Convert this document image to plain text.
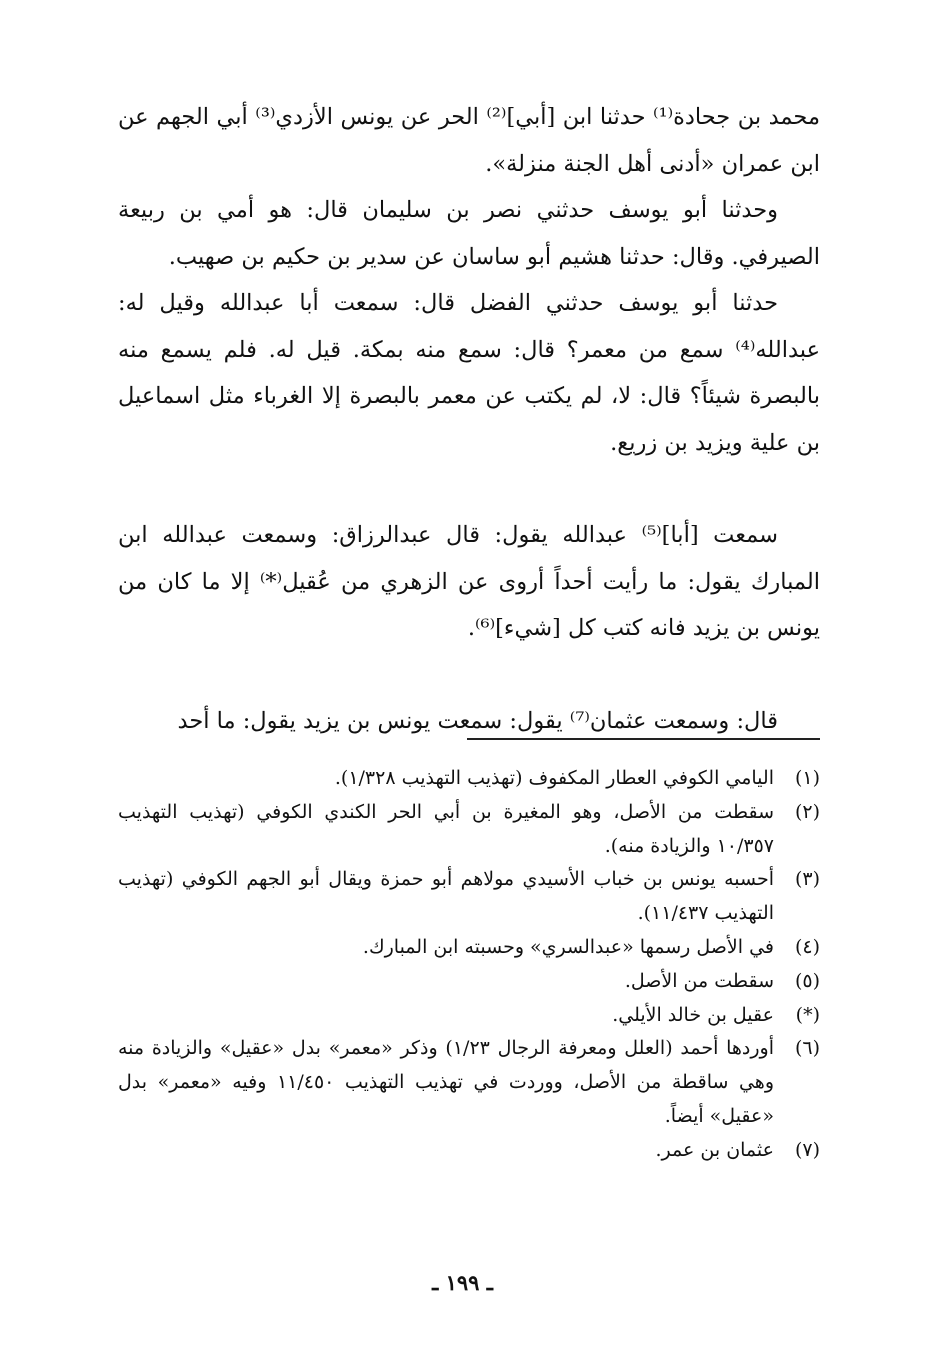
محمد بن جحادة⁽¹⁾ حدثنا ابن [أبي]⁽²⁾ الحر عن يونس الأزدي⁽³⁾ أبي الجهم عن ابن عمران «أدنى أهل الجنة منزلة».

وحدثنا أبو يوسف حدثني نصر بن سليمان قال: هو أمي بن ربيعة الصيرفي. وقال: حدثنا هشيم أبو ساسان عن سدير بن حكيم بن صهيب.

حدثنا أبو يوسف حدثني الفضل قال: سمعت أبا عبدالله وقيل له: عبدالله⁽⁴⁾ سمع من معمر؟ قال: سمع منه بمكة. قيل له. فلم يسمع منه بالبصرة شيئاً؟ قال: لا، لم يكتب عن معمر بالبصرة إلا الغرباء مثل اسماعيل بن علية ويزيد بن زريع.

سمعت [أبا]⁽⁵⁾ عبدالله يقول: قال عبدالرزاق: وسمعت عبدالله ابن المبارك يقول: ما رأيت أحداً أروى عن الزهري من عُقيل⁽*⁾ إلا ما كان من يونس بن يزيد فانه كتب كل [شيء]⁽⁶⁾.

قال: وسمعت عثمان⁽⁷⁾ يقول: سمعت يونس بن يزيد يقول: ما أحد

(١)
اليامي الكوفي العطار المكفوف (تهذيب التهذيب ١/٣٢٨).
(٢)
سقطت من الأصل، وهو المغيرة بن أبي الحر الكندي الكوفي (تهذيب التهذيب ١٠/٣٥٧ والزيادة منه).
(٣)
أحسبه يونس بن خباب الأسيدي مولاهم أبو حمزة ويقال أبو الجهم الكوفي (تهذيب التهذيب ١١/٤٣٧).
(٤)
في الأصل رسمها «عبدالسري» وحسبته ابن المبارك.
(٥)
سقطت من الأصل.
(*)
عقيل بن خالد الأيلي.
(٦)
أوردها أحمد (العلل ومعرفة الرجال ١/٢٣) وذكر «معمر» بدل «عقيل» والزيادة منه وهي ساقطة من الأصل، ووردت في تهذيب التهذيب ١١/٤٥٠ وفيه «معمر» بدل «عقيل» أيضاً.
(٧)
عثمان بن عمر.
ـ ١٩٩ ـ
